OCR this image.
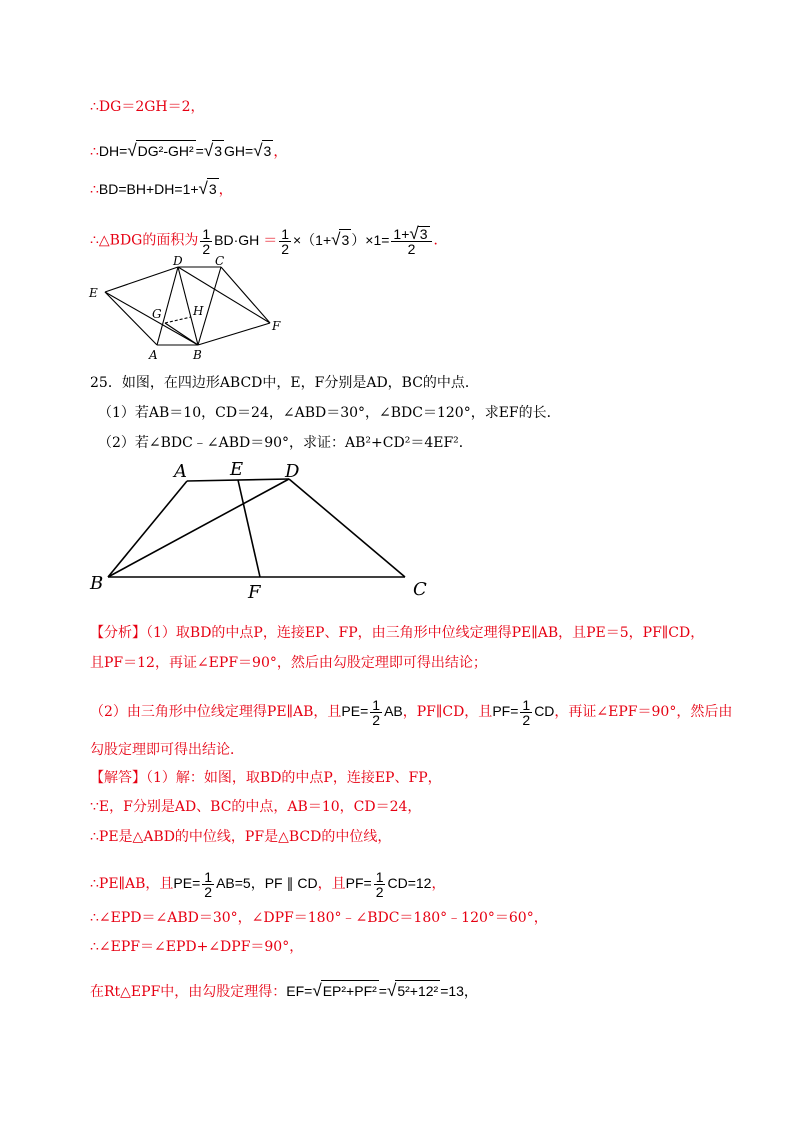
∴DG＝2GH＝2，
∴DH=√DG²-GH² =√3 GH=√3 ，
∴BD=BH+DH=1+√3 ，
∴△BDG的面积为 $\frac{1}{2} BD\cdot GH = \frac{1}{2} \times(1+√3$ ）$\times 1= \frac{1+√3}{2}$ ．
D	C
E
G	H
F
A	B
25．如图，在四边形ABCD中，E，F分别是AD，BC的中点．
（1）若AB＝10，CD＝24，∠ABD＝30°，∠BDC＝120°，求EF的长．
（2）若∠BDC﹣∠ABD＝90°，求证：AB²+CD²＝4EF²．
A E D
B	F	C
【分析】（1）取BD的中点P，连接EP、FP，由三角形中位线定理得PE∥AB，且PE＝5，PF∥CD，
且PF＝12，再证∠EPF＝90°，然后由勾股定理即可得出结论；
（2）由三角形中位线定理得PE∥AB，且$PE= \frac{1}{2}$ AB，PF∥CD，且$PF= \frac{1}{2}$ CD，再证∠EPF＝90°，然后由
勾股定理即可得出结论．
【解答】（1）解：如图，取BD的中点P，连接EP、FP，
∵E，F分别是AD、BC的中点，AB＝10，CD＝24，
∴PE是△ABD的中位线，PF是△BCD的中位线，
∴PE∥AB，且$PE= \frac{1}{2} AB=5$，PF ∥ CD，且$PF= \frac{1}{2} CD=12$，
∴∠EPD＝∠ABD＝30°，∠DPF＝180°﹣∠BDC＝180°﹣120°＝60°，
∴∠EPF＝∠EPD+∠DPF＝90°，
在Rt△EPF中，由勾股定理得：EF=√EP²+PF² =√5²+12² =13，
